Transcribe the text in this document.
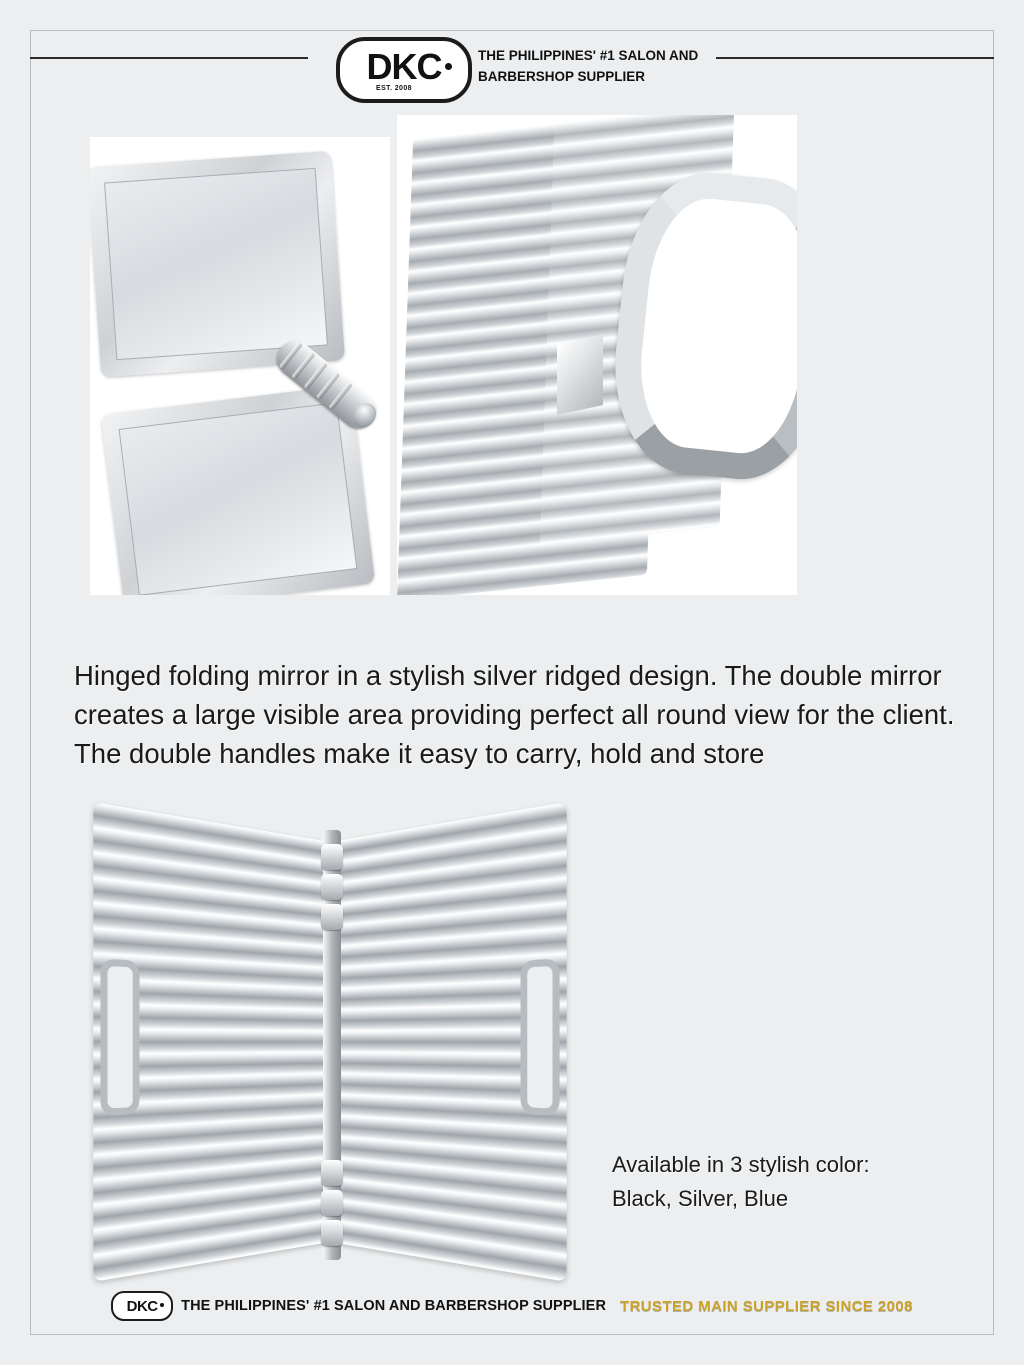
DKC
EST. 2008
THE PHILIPPINES' #1 SALON AND
BARBERSHOP SUPPLIER

Hinged folding mirror in a stylish silver ridged design. The double mirror creates a large visible area providing perfect all round view for the client. The double handles make it easy to carry, hold and store

Available in 3 stylish color:
Black, Silver, Blue
DKC THE PHILIPPINES' #1 SALON AND BARBERSHOP SUPPLIER TRUSTED MAIN SUPPLIER SINCE 2008
